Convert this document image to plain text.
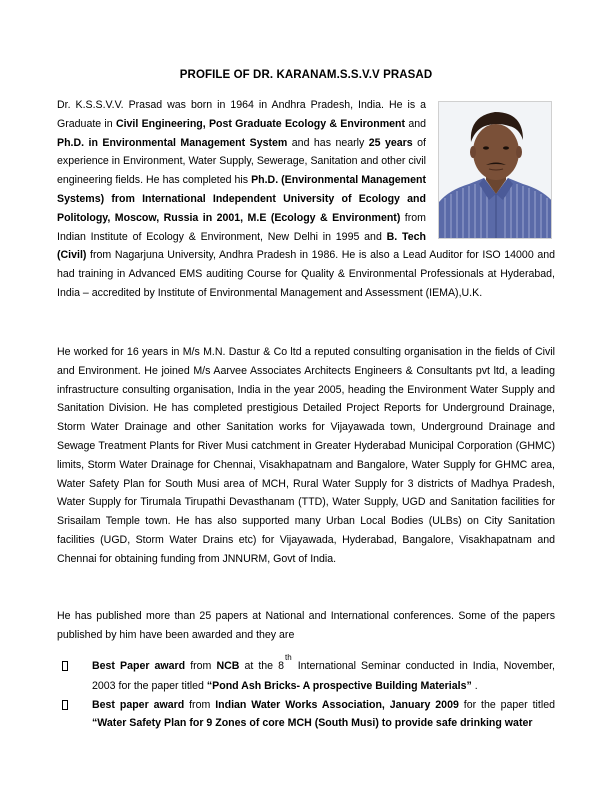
PROFILE OF DR. KARANAM.S.S.V.V PRASAD
Dr. K.S.S.V.V. Prasad was born in 1964 in Andhra Pradesh, India. He is a Graduate in Civil Engineering, Post Graduate Ecology & Environment and Ph.D. in Environmental Management System and has nearly 25 years of experience in Environment, Water Supply, Sewerage, Sanitation and other civil engineering fields. He has completed his Ph.D. (Environmental Management Systems) from International Independent University of Ecology and Politology, Moscow, Russia in 2001, M.E (Ecology & Environment) from Indian Institute of Ecology & Environment, New Delhi in 1995 and B. Tech (Civil) from Nagarjuna University, Andhra Pradesh in 1986. He is also a Lead Auditor for ISO 14000 and had training in Advanced EMS auditing Course for Quality & Environmental Professionals at Hyderabad, India – accredited by Institute of Environmental Management and Assessment (IEMA),U.K.
He worked for 16 years in M/s M.N. Dastur & Co ltd a reputed consulting organisation in the fields of Civil and Environment. He joined M/s Aarvee Associates Architects Engineers & Consultants pvt ltd, a leading infrastructure consulting organisation, India in the year 2005, heading the Environment Water Supply and Sanitation Division. He has completed prestigious Detailed Project Reports for Underground Drainage, Storm Water Drainage and other Sanitation works for Vijayawada town, Underground Drainage and Sewage Treatment Plants for River Musi catchment in Greater Hyderabad Municipal Corporation (GHMC) limits, Storm Water Drainage for Chennai, Visakhapatnam and Bangalore, Water Supply for GHMC area, Water Safety Plan for South Musi area of MCH, Rural Water Supply for 3 districts of Madhya Pradesh, Water Supply for Tirumala Tirupathi Devasthanam (TTD), Water Supply, UGD and Sanitation facilities for Srisailam Temple town. He has also supported many Urban Local Bodies (ULBs) on City Sanitation facilities (UGD, Storm Water Drains etc) for Vijayawada, Hyderabad, Bangalore, Visakhapatnam and Chennai for obtaining funding from JNNURM, Govt of India.
He has published more than 25 papers at National and International conferences. Some of the papers published by him have been awarded and they are
Best Paper award from NCB at the 8thInternational Seminar conducted in India, November, 2003 for the paper titled “Pond Ash Bricks- A prospective Building Materials” .
Best paper award from Indian Water Works Association, January 2009 for the paper titled “Water Safety Plan for 9 Zones of core MCH (South Musi) to provide safe drinking water
